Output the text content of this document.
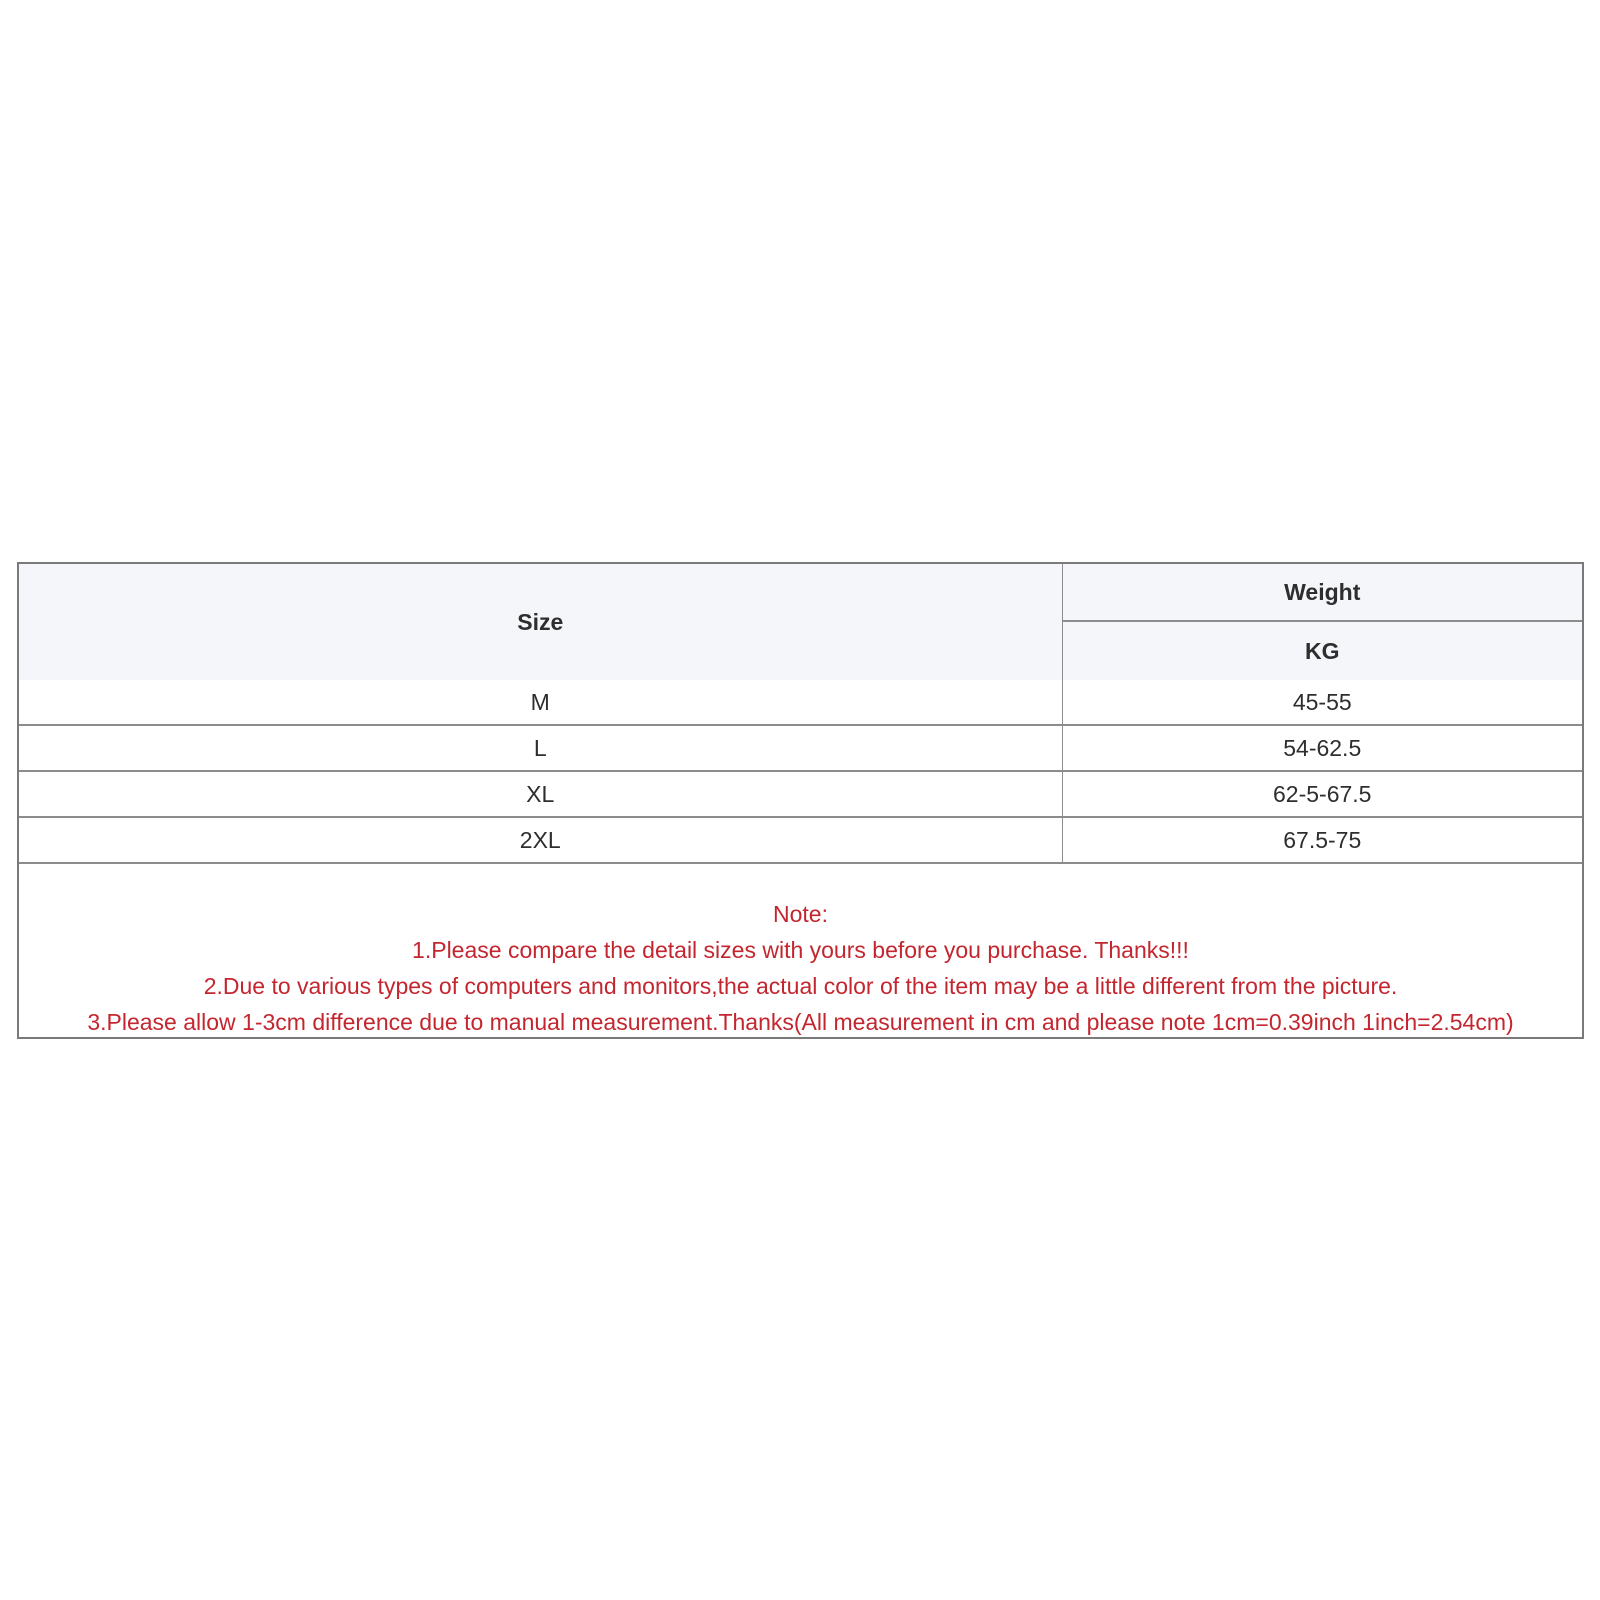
Size	Weight
	KG
M	45-55
L	54-62.5
XL	62-5-67.5
2XL	67.5-75
Note:
1.Please compare the detail sizes with yours before you purchase. Thanks!!!
2.Due to various types of computers and monitors,the actual color of the item may be a little different from the picture.
3.Please allow 1-3cm difference due to manual measurement.Thanks(All measurement in cm and please note 1cm=0.39inch 1inch=2.54cm)
